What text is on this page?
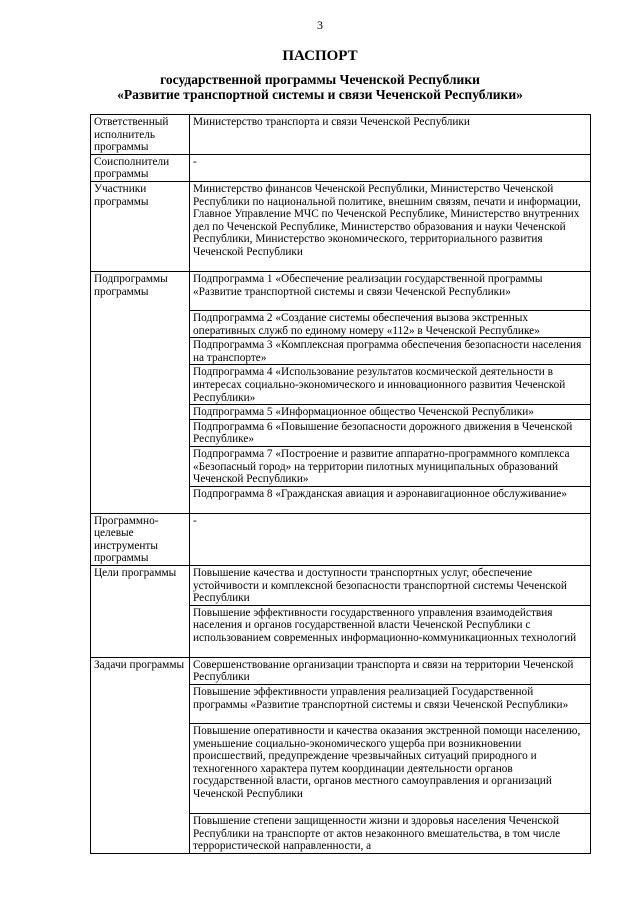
3
ПАСПОРТ
государственной программы Чеченской Республики
«Развитие транспортной системы и связи Чеченской Республики»
Ответственный исполнитель программы	Министерство транспорта и связи Чеченской Республики
Соисполнители программы	-
Участники программы	Министерство финансов Чеченской Республики, Министерство Чеченской Республики по национальной политике, внешним связям, печати и информации, Главное Управление МЧС по Чеченской Республике, Министерство внутренних дел по Чеченской Республике, Министерство образования и науки Чеченской Республики, Министерство экономического, территориального развития Чеченской Республики
Подпрограммы программы	Подпрограмма 1 «Обеспечение реализации государственной программы «Развитие транспортной системы и связи Чеченской Республики»
	Подпрограмма 2 «Создание системы обеспечения вызова экстренных оперативных служб по единому номеру «112» в Чеченской Республике»
	Подпрограмма 3 «Комплексная программа обеспечения безопасности населения на транспорте»
	Подпрограмма 4 «Использование результатов космической деятельности в интересах социально-экономического и инновационного развития Чеченской Республики»
	Подпрограмма 5 «Информационное общество Чеченской Республики»
	Подпрограмма 6 «Повышение безопасности дорожного движения в Чеченской Республике»
	Подпрограмма 7 «Построение и развитие аппаратно-программного комплекса «Безопасный город» на территории пилотных муниципальных образований Чеченской Республики»
	Подпрограмма 8 «Гражданская авиация и аэронавигационное обслуживание»
Программно-целевые инструменты программы	-
Цели программы	Повышение качества и доступности транспортных услуг, обеспечение устойчивости и комплексной безопасности транспортной системы Чеченской Республики
	Повышение эффективности государственного управления взаимодействия населения и органов государственной власти Чеченской Республики с использованием современных информационно-коммуникационных технологий
Задачи программы	Совершенствование организации транспорта и связи на территории Чеченской Республики
	Повышение эффективности управления реализацией Государственной программы «Развитие транспортной системы и связи Чеченской Республики»
	Повышение оперативности и качества оказания экстренной помощи населению, уменьшение социально-экономического ущерба при возникновении происшествий, предупреждение чрезвычайных ситуаций природного и техногенного характера путем координации деятельности органов государственной власти, органов местного самоуправления и организаций Чеченской Республики
	Повышение степени защищенности жизни и здоровья населения Чеченской Республики на транспорте от актов незаконного вмешательства, в том числе террористической направленности, а
